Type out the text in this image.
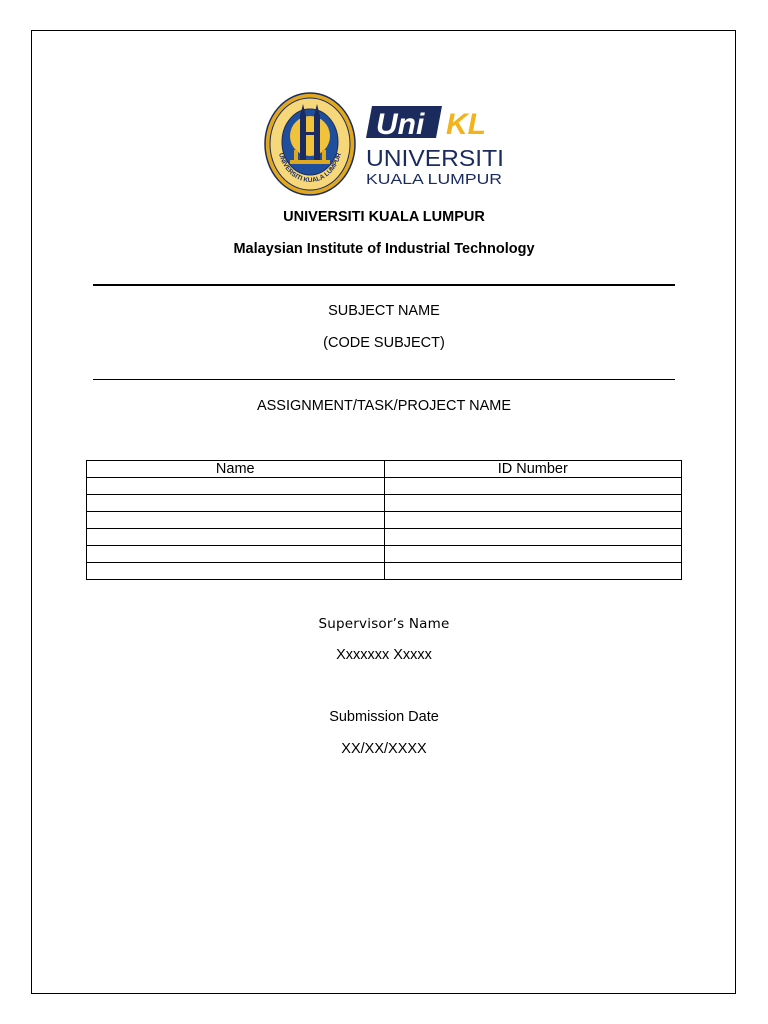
UNIVERSITI KUALA LUMPUR
Uni KL
UNIVERSITI
KUALA LUMPUR
UNIVERSITI KUALA LUMPUR
Malaysian Institute of Industrial Technology
SUBJECT NAME
(CODE SUBJECT)
ASSIGNMENT/TASK/PROJECT NAME
Name	ID Number

Supervisor’s Name
Xxxxxxx Xxxxx
Submission Date
XX/XX/XXXX
